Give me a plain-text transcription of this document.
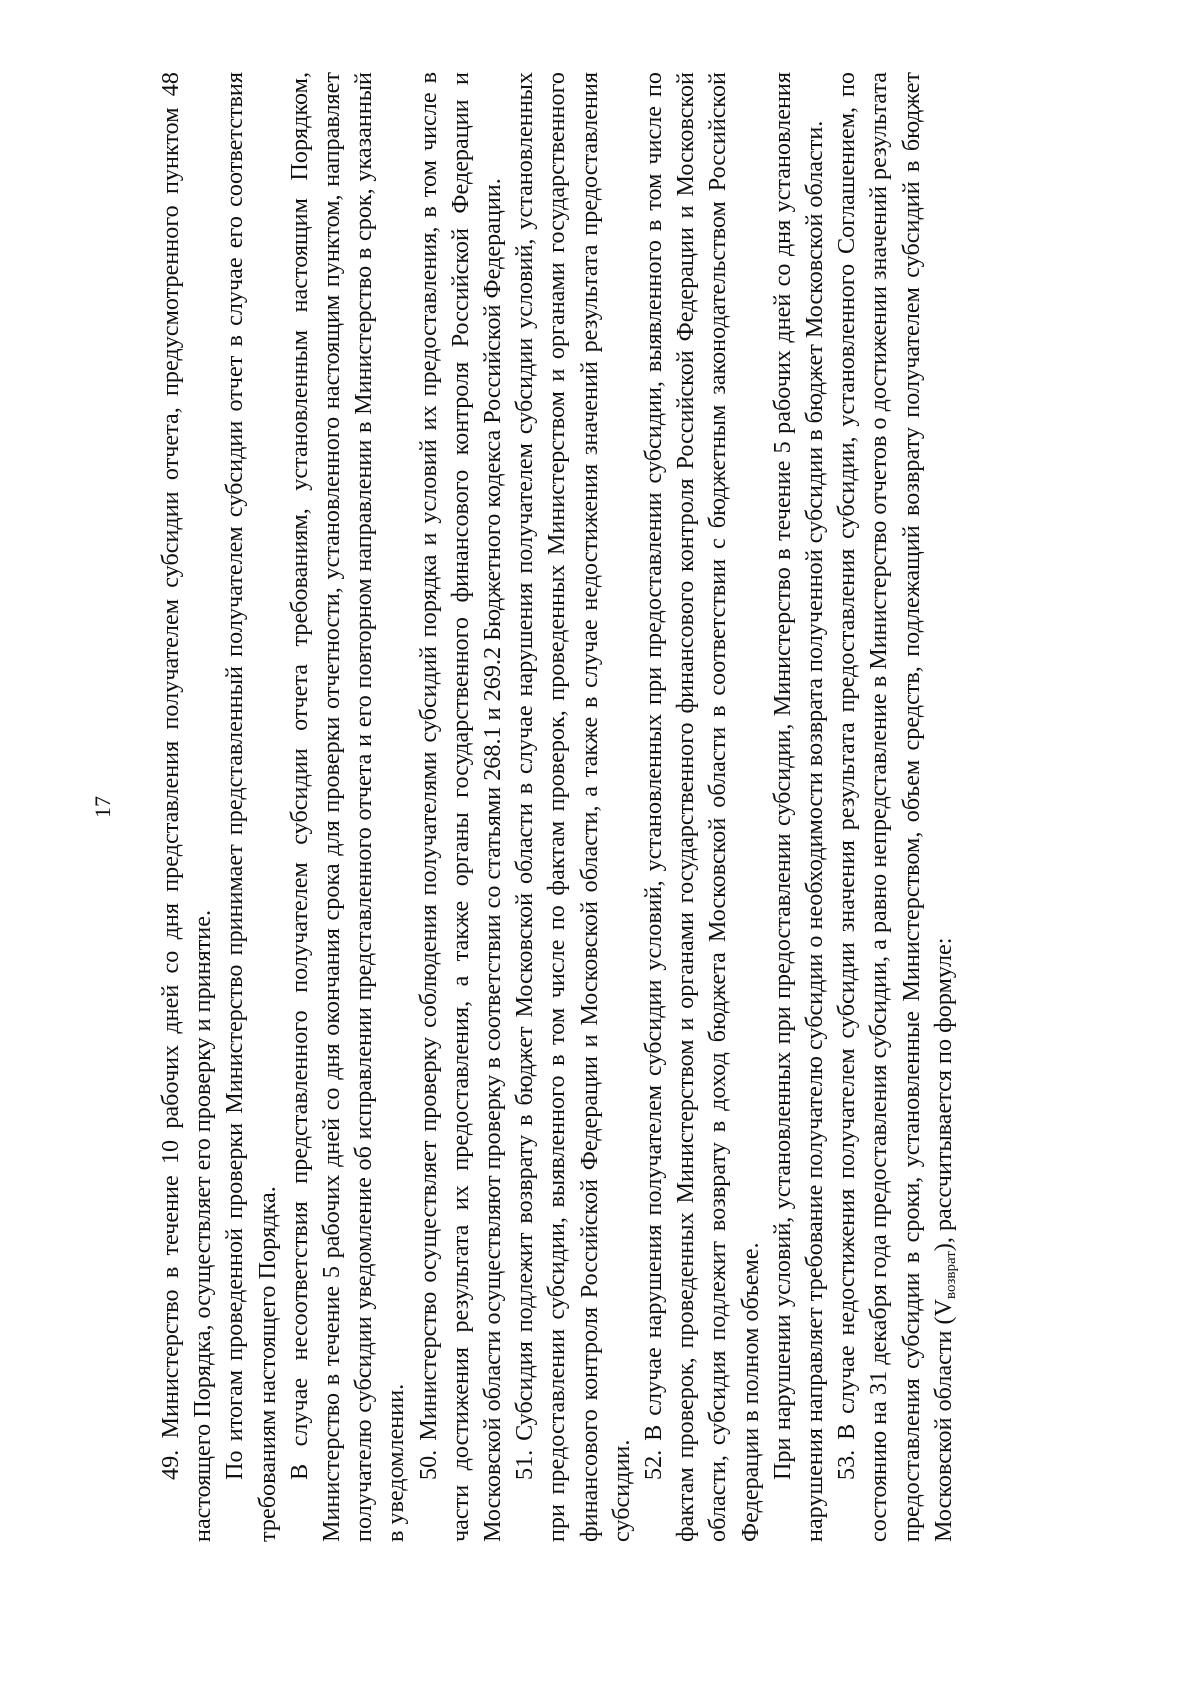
17 49. Министерство в течение 10 рабочих дней со дня представления получателем субсидии отчета, предусмотренного пунктом 48 настоящего Порядка, осуществляет его проверку и принятие. По итогам проведенной проверки Министерство принимает представленный получателем субсидии отчет в случае его соответствия требованиям настоящего Порядка. В случае несоответствия представленного получателем субсидии отчета требованиям, установленным настоящим Порядком, Министерство в течение 5 рабочих дней со дня окончания срока для проверки отчетности, установленного настоящим пунктом, направляет получателю субсидии уведомление об исправлении представленного отчета и его повторном направлении в Министерство в срок, указанный в уведомлении. 50. Министерство осуществляет проверку соблюдения получателями субсидий порядка и условий их предоставления, в том числе в части достижения результата их предоставления, а также органы государственного финансового контроля Российской Федерации и Московской области осуществляют проверку в соответствии со статьями 268.1 и 269.2 Бюджетного кодекса Российской Федерации. 51. Субсидия подлежит возврату в бюджет Московской области в случае нарушения получателем субсидии условий, установленных при предоставлении субсидии, выявленного в том числе по фактам проверок, проведенных Министерством и органами государственного финансового контроля Российской Федерации и Московской области, а также в случае недостижения значений результата предоставления субсидии.

52. В случае нарушения получателем субсидии условий, установленных при предоставлении субсидии, выявленного в том числе по фактам проверок, проведенных Министерством и органами государственного финансового контроля Российской Федерации и Московской области, субсидия подлежит возврату в доход бюджета Московской области в соответствии с бюджетным законодательством Российской Федерации в полном объеме. При нарушении условий, установленных при предоставлении субсидии, Министерство в течение 5 рабочих дней со дня установления нарушения направляет требование получателю субсидии о необходимости возврата полученной субсидии в бюджет Московской области. 53. В случае недостижения получателем субсидии значения результата предоставления субсидии, установленного Соглашением, по состоянию на 31 декабря года предоставления субсидии, а равно непредставление в Министерство отчетов о достижении значений результата предоставления субсидии в сроки, установленные Министерством, объем средств, подлежащий возврату получателем субсидий в бюджет Московской области $(V_{возврат})$, рассчитывается по формуле:
